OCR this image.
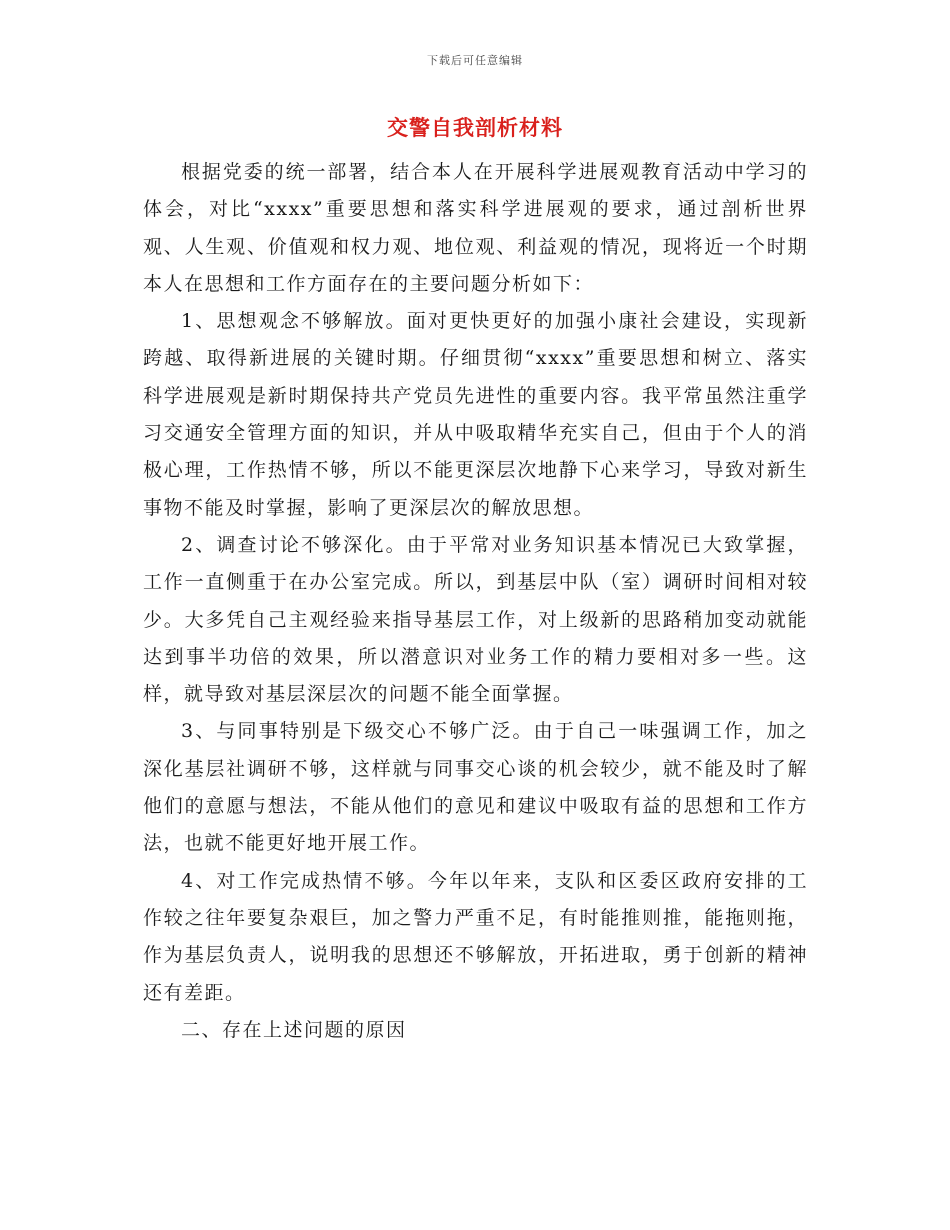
下载后可任意编辑
交警自我剖析材料

根据党委的统一部署，结合本人在开展科学进展观教育活动中学习的体会，对比“xxxx”重要思想和落实科学进展观的要求，通过剖析世界观、人生观、价值观和权力观、地位观、利益观的情况，现将近一个时期本人在思想和工作方面存在的主要问题分析如下：

1、思想观念不够解放。面对更快更好的加强小康社会建设，实现新跨越、取得新进展的关键时期。仔细贯彻“xxxx”重要思想和树立、落实科学进展观是新时期保持共产党员先进性的重要内容。我平常虽然注重学习交通安全管理方面的知识，并从中吸取精华充实自己，但由于个人的消极心理，工作热情不够，所以不能更深层次地静下心来学习，导致对新生事物不能及时掌握，影响了更深层次的解放思想。

2、调查讨论不够深化。由于平常对业务知识基本情况已大致掌握，工作一直侧重于在办公室完成。所以，到基层中队（室）调研时间相对较少。大多凭自己主观经验来指导基层工作，对上级新的思路稍加变动就能达到事半功倍的效果，所以潜意识对业务工作的精力要相对多一些。这样，就导致对基层深层次的问题不能全面掌握。

3、与同事特别是下级交心不够广泛。由于自己一味强调工作，加之深化基层社调研不够，这样就与同事交心谈的机会较少，就不能及时了解他们的意愿与想法，不能从他们的意见和建议中吸取有益的思想和工作方法，也就不能更好地开展工作。

4、对工作完成热情不够。今年以年来，支队和区委区政府安排的工作较之往年要复杂艰巨，加之警力严重不足，有时能推则推，能拖则拖，作为基层负责人，说明我的思想还不够解放，开拓进取，勇于创新的精神还有差距。

二、存在上述问题的原因
